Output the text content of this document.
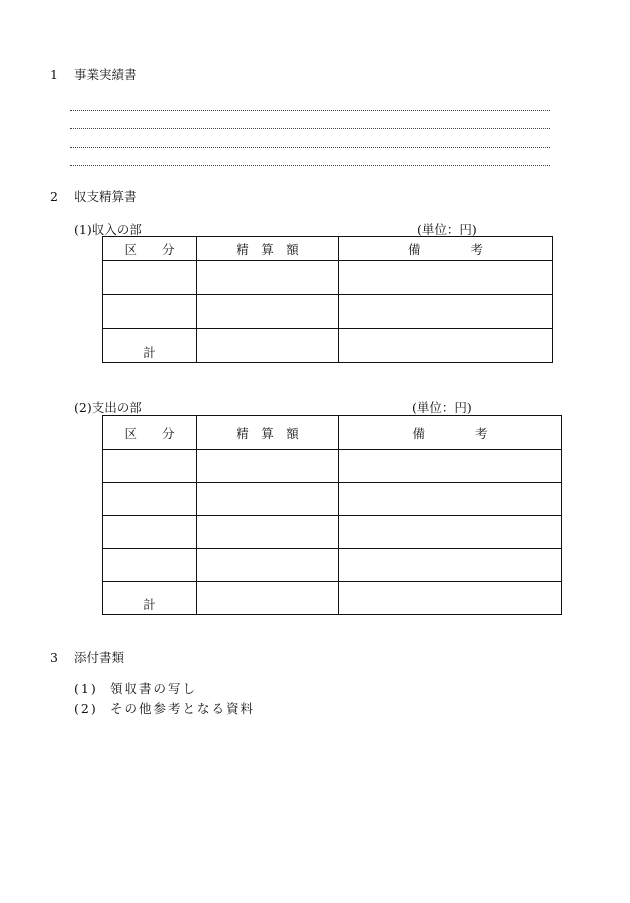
1 事業実績書
2 収支精算書
(1)収入の部	(単位：円)
区　　分	精　算　額	備　　　　考

計		
(2)支出の部	(単位：円)
区　　分	精　算　額	備　　　　考

計		
3 添付書類
(1) 領収書の写し
(2) その他参考となる資料
